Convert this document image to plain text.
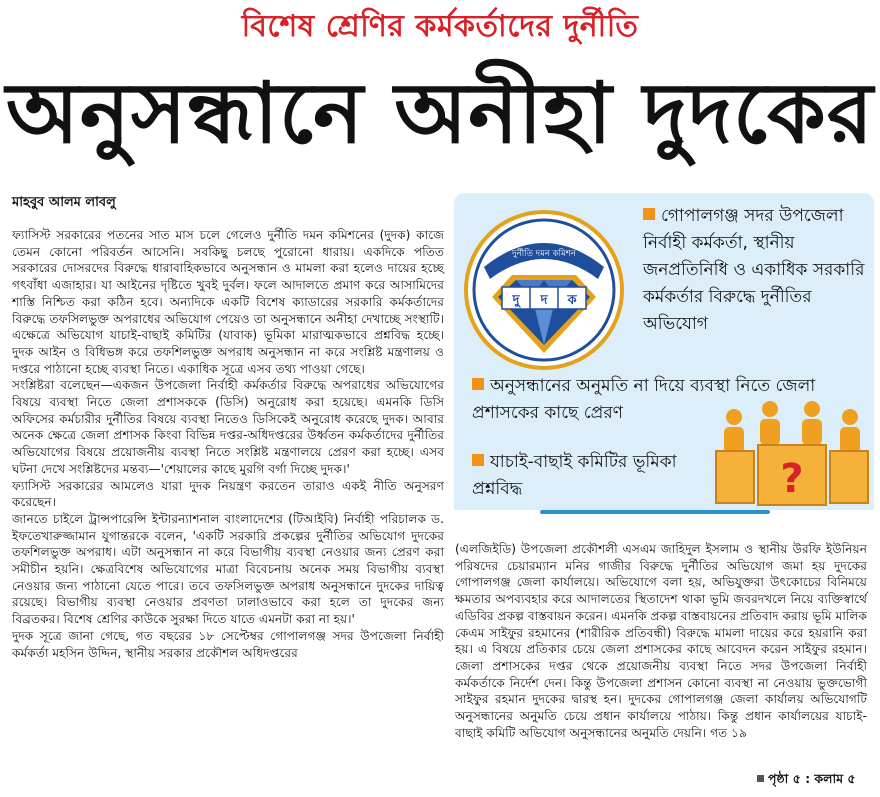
বিশেষ শ্রেণির কর্মকর্তাদের দুর্নীতি
অনুসন্ধানে অনীহা দুদকের
মাহবুব আলম লাবলু

ফ্যাসিস্ট সরকারের পতনের সাত মাস চলে গেলেও দুর্নীতি দমন কমিশনের (দুদক) কাজে তেমন কোনো পরিবর্তন আসেনি। সবকিছু চলছে পুরোনো ধারায়। একদিকে পতিত সরকারের দোসরদের বিরুদ্ধে ধারাবাহিকভাবে অনুসন্ধান ও মামলা করা হলেও দায়ের হচ্ছে গৎবাঁধা এজাহার। যা আইনের দৃষ্টিতে খুবই দুর্বল। ফলে আদালতে প্রমাণ করে আসামিদের শাস্তি নিশ্চিত করা কঠিন হবে। অন্যদিকে একটি বিশেষ ক্যাডারের সরকারি কর্মকর্তাদের বিরুদ্ধে তফসিলভুক্ত অপরাধের অভিযোগ পেয়েও তা অনুসন্ধানে অনীহা দেখাচ্ছে সংস্থাটি। এক্ষেত্রে অভিযোগ যাচাই-বাছাই কমিটির (যাবাক) ভূমিকা মারাত্মকভাবে প্রশ্নবিদ্ধ হচ্ছে। দুদক আইন ও বিধিভঙ্গ করে তফশিলভুক্ত অপরাধ অনুসন্ধান না করে সংশ্লিষ্ট মন্ত্রণালয় ও দপ্তরে পাঠানো হচ্ছে ব্যবস্থা নিতে। একাধিক সূত্রে এসব তথ্য পাওয়া গেছে।

সংশ্লিষ্টরা বলেছেন—একজন উপজেলা নির্বাহী কর্মকর্তার বিরুদ্ধে অপরাধের অভিযোগের বিষয়ে ব্যবস্থা নিতে জেলা প্রশাসককে (ডিসি) অনুরোধ করা হয়েছে। এমনকি ডিসি অফিসের কর্মচারীর দুর্নীতির বিষয়ে ব্যবস্থা নিতেও ডিসিকেই অনুরোধ করেছে দুদক। আবার অনেক ক্ষেত্রে জেলা প্রশাসক কিংবা বিভিন্ন দপ্তর-অধিদপ্তরের উর্ধ্বতন কর্মকর্তাদের দুর্নীতির অভিযোগের বিষয়ে প্রয়োজনীয় ব্যবস্থা নিতে সংশ্লিষ্ট মন্ত্রণালয়ে প্রেরণ করা হচ্ছে। এসব ঘটনা দেখে সংশ্লিষ্টদের মন্তব্য—'শেয়ালের কাছে মুরগি বর্গা দিচ্ছে দুদক।'

ফ্যাসিস্ট সরকারের আমলেও যারা দুদক নিয়ন্ত্রণ করতেন তারাও একই নীতি অনুসরণ করেছেন।

জানতে চাইলে ট্রান্সপারেন্সি ইন্টারন্যাশনাল বাংলাদেশের (টিআইবি) নির্বাহী পরিচালক ড. ইফতেখারুজ্জামান যুগান্তরকে বলেন, 'একটি সরকারি প্রকল্পের দুর্নীতির অভিযোগ দুদকের তফশিলভুক্ত অপরাধ। এটা অনুসন্ধান না করে বিভাগীয় ব্যবস্থা নেওয়ার জন্য প্রেরণ করা সমীচীন হয়নি। ক্ষেত্রবিশেষ অভিযোগের মাত্রা বিবেচনায় অনেক সময় বিভাগীয় ব্যবস্থা নেওয়ার জন্য পাঠানো যেতে পারে। তবে তফসিলভুক্ত অপরাধ অনুসন্ধানে দুদকের দায়িত্ব রয়েছে। বিভাগীয় ব্যবস্থা নেওয়ার প্রবণতা ঢালাওভাবে করা হলে তা দুদকের জন্য বিব্রতকর। বিশেষ শ্রেণির কাউকে সুরক্ষা দিতে যাতে এমনটা করা না হয়।'

দুদক সূত্রে জানা গেছে, গত বছরের ১৮ সেপ্টেম্বর গোপালগঞ্জ সদর উপজেলা নির্বাহী কর্মকর্তা মহসিন উদ্দিন, স্থানীয় সরকার প্রকৌশল অধিদপ্তরের

দুর্নীতি দমন কমিশন
দু দ ক
গোপালগঞ্জ সদর উপজেলা নির্বাহী কর্মকর্তা, স্থানীয় জনপ্রতিনিধি ও একাধিক সরকারি কর্মকর্তার বিরুদ্ধে দুর্নীতির অভিযোগ
অনুসন্ধানের অনুমতি না দিয়ে ব্যবস্থা নিতে জেলা প্রশাসকের কাছে প্রেরণ
যাচাই-বাছাই কমিটির ভূমিকা প্রশ্নবিদ্ধ	?

(এলজিইডি) উপজেলা প্রকৌশলী এসএম জাহিদুল ইসলাম ও স্থানীয় উরফি ইউনিয়ন পরিষদের চেয়ারম্যান মনির গাজীর বিরুদ্ধে দুর্নীতির অভিযোগ জমা হয় দুদকের গোপালগঞ্জ জেলা কার্যালয়ে। অভিযোগে বলা হয়, অভিযুক্তরা উৎকোচের বিনিময়ে ক্ষমতার অপব্যবহার করে আদালতের স্থিতাদেশ থাকা ভূমি জবরদখলে নিয়ে ব্যক্তিস্বার্থে এডিবির প্রকল্প বাস্তবায়ন করেন। এমনকি প্রকল্প বাস্তবায়নের প্রতিবাদ করায় ভূমি মালিক কেএম সাইফুর রহমানের (শারীরিক প্রতিবন্ধী) বিরুদ্ধে মামলা দায়ের করে হয়রানি করা হয়। এ বিষয়ে প্রতিকার চেয়ে জেলা প্রশাসকের কাছে আবেদন করেন সাইফুর রহমান। জেলা প্রশাসকের দপ্তর থেকে প্রয়োজনীয় ব্যবস্থা নিতে সদর উপজেলা নির্বাহী কর্মকর্তাকে নির্দেশ দেন। কিন্তু উপজেলা প্রশাসন কোনো ব্যবস্থা না নেওয়ায় ভুক্তভোগী সাইফুর রহমান দুদকের দ্বারস্থ হন। দুদকের গোপালগঞ্জ জেলা কার্যালয় অভিযোগটি অনুসন্ধানের অনুমতি চেয়ে প্রধান কার্যালয়ে পাঠায়। কিন্তু প্রধান কার্যালয়ের যাচাই-বাছাই কমিটি অভিযোগ অনুসন্ধানের অনুমতি দেয়নি। গত ১৯

পৃষ্ঠা ৫ : কলাম ৫
